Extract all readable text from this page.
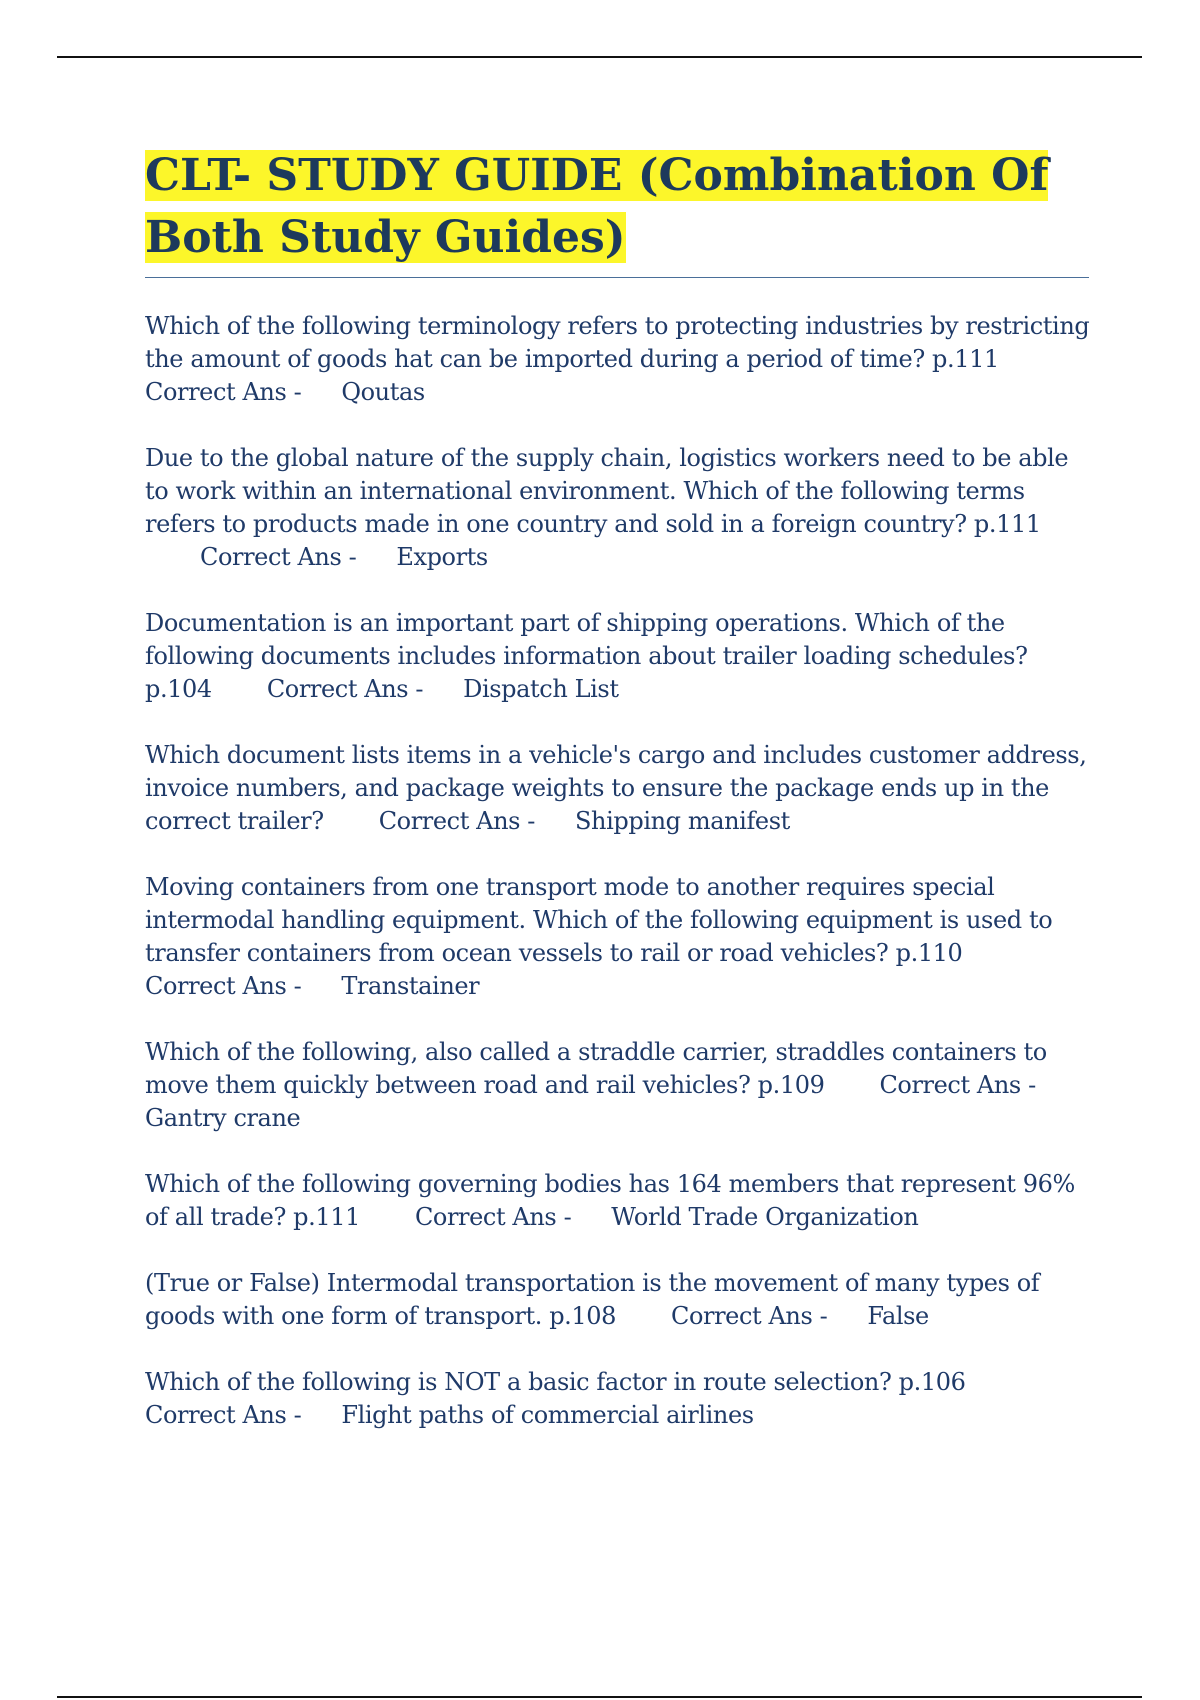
CLT- STUDY GUIDE (Combination Of Both Study Guides)

Which of the following terminology refers to protecting industries by restricting the amount of goods hat can be imported during a period of time? p.111Correct Ans - Qoutas

Due to the global nature of the supply chain, logistics workers need to be able to work within an international environment. Which of the following terms refers to products made in one country and sold in a foreign country? p.111Correct Ans - Exports

Documentation is an important part of shipping operations. Which of the following documents includes information about trailer loading schedules? p.104 Correct Ans - Dispatch List

Which document lists items in a vehicle's cargo and includes customer address, invoice numbers, and package weights to ensure the package ends up in the correct trailer? Correct Ans - Shipping manifest

Moving containers from one transport mode to another requires special intermodal handling equipment. Which of the following equipment is used to transfer containers from ocean vessels to rail or road vehicles? p.110Correct Ans - Transtainer

Which of the following, also called a straddle carrier, straddles containers to move them quickly between road and rail vehicles? p.109 Correct Ans -Gantry crane

Which of the following governing bodies has 164 members that represent 96% of all trade? p.111 Correct Ans - World Trade Organization

(True or False) Intermodal transportation is the movement of many types of goods with one form of transport. p.108 Correct Ans - False

Which of the following is NOT a basic factor in route selection? p.106Correct Ans - Flight paths of commercial airlines
